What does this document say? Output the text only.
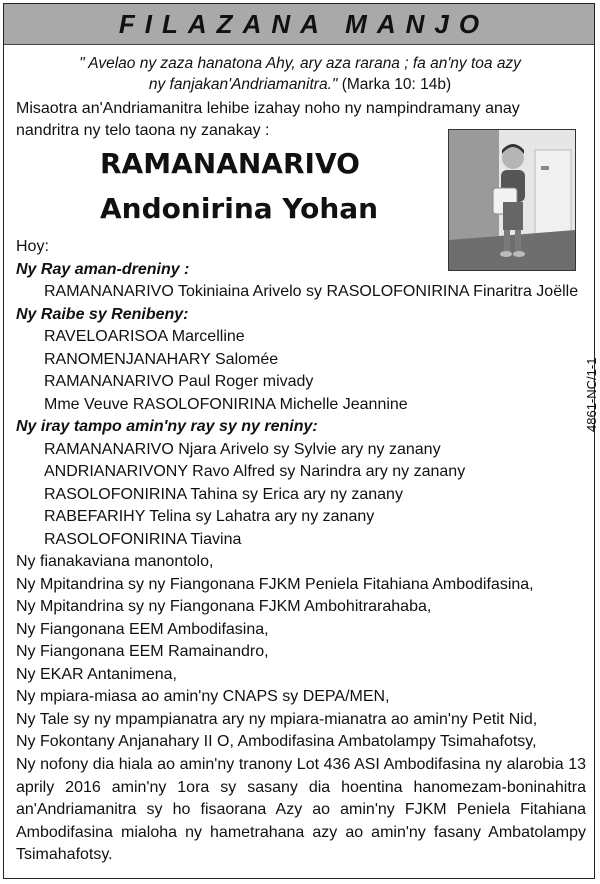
FILAZANA MANJO
" Avelao ny zaza hanatona Ahy, ary aza rarana ; fa an'ny toa azy
ny fanjakan'Andriamanitra." (Marka 10: 14b)
Misaotra an'Andriamanitra lehibe izahay noho ny nampindramany anay nandritra ny telo taona ny zanakay :
RAMANANARIVO
Andonirina Yohan
Hoy:
Ny Ray aman-dreniny :
RAMANANARIVO Tokiniaina Arivelo sy RASOLOFONIRINA Finaritra Joëlle
Ny Raibe sy Renibeny:
RAVELOARISOA Marcelline
RANOMENJANAHARY Salomée
RAMANANARIVO Paul Roger mivady
Mme Veuve RASOLOFONIRINA Michelle Jeannine
Ny iray tampo amin'ny ray sy ny reniny:
RAMANANARIVO Njara Arivelo sy Sylvie ary ny zanany
ANDRIANARIVONY Ravo Alfred sy Narindra ary ny zanany
RASOLOFONIRINA Tahina sy Erica ary ny zanany
RABEFARIHY Telina sy Lahatra ary ny zanany
RASOLOFONIRINA Tiavina
Ny fianakaviana manontolo,
Ny Mpitandrina sy ny Fiangonana FJKM Peniela Fitahiana Ambodifasina,
Ny Mpitandrina sy ny Fiangonana FJKM Ambohitrarahaba,
Ny Fiangonana EEM Ambodifasina,
Ny Fiangonana EEM Ramainandro,
Ny EKAR Antanimena,
Ny mpiara-miasa ao amin'ny CNAPS sy DEPA/MEN,
Ny Tale sy ny mpampianatra ary ny mpiara-mianatra ao amin'ny Petit Nid,
Ny Fokontany Anjanahary II O, Ambodifasina Ambatolampy Tsimahafotsy,
Ny nofony dia hiala ao amin'ny tranony Lot 436 ASI Ambodifasina ny alarobia 13 aprily 2016 amin'ny 1ora sy sasany dia hoentina hanomezam-boninahitra an'Andriamanitra sy ho fisaorana Azy ao amin'ny FJKM Peniela Fitahiana Ambodifasina mialoha ny hametrahana azy ao amin'ny fasany Ambatolampy Tsimahafotsy.
4861-NC/1-1
